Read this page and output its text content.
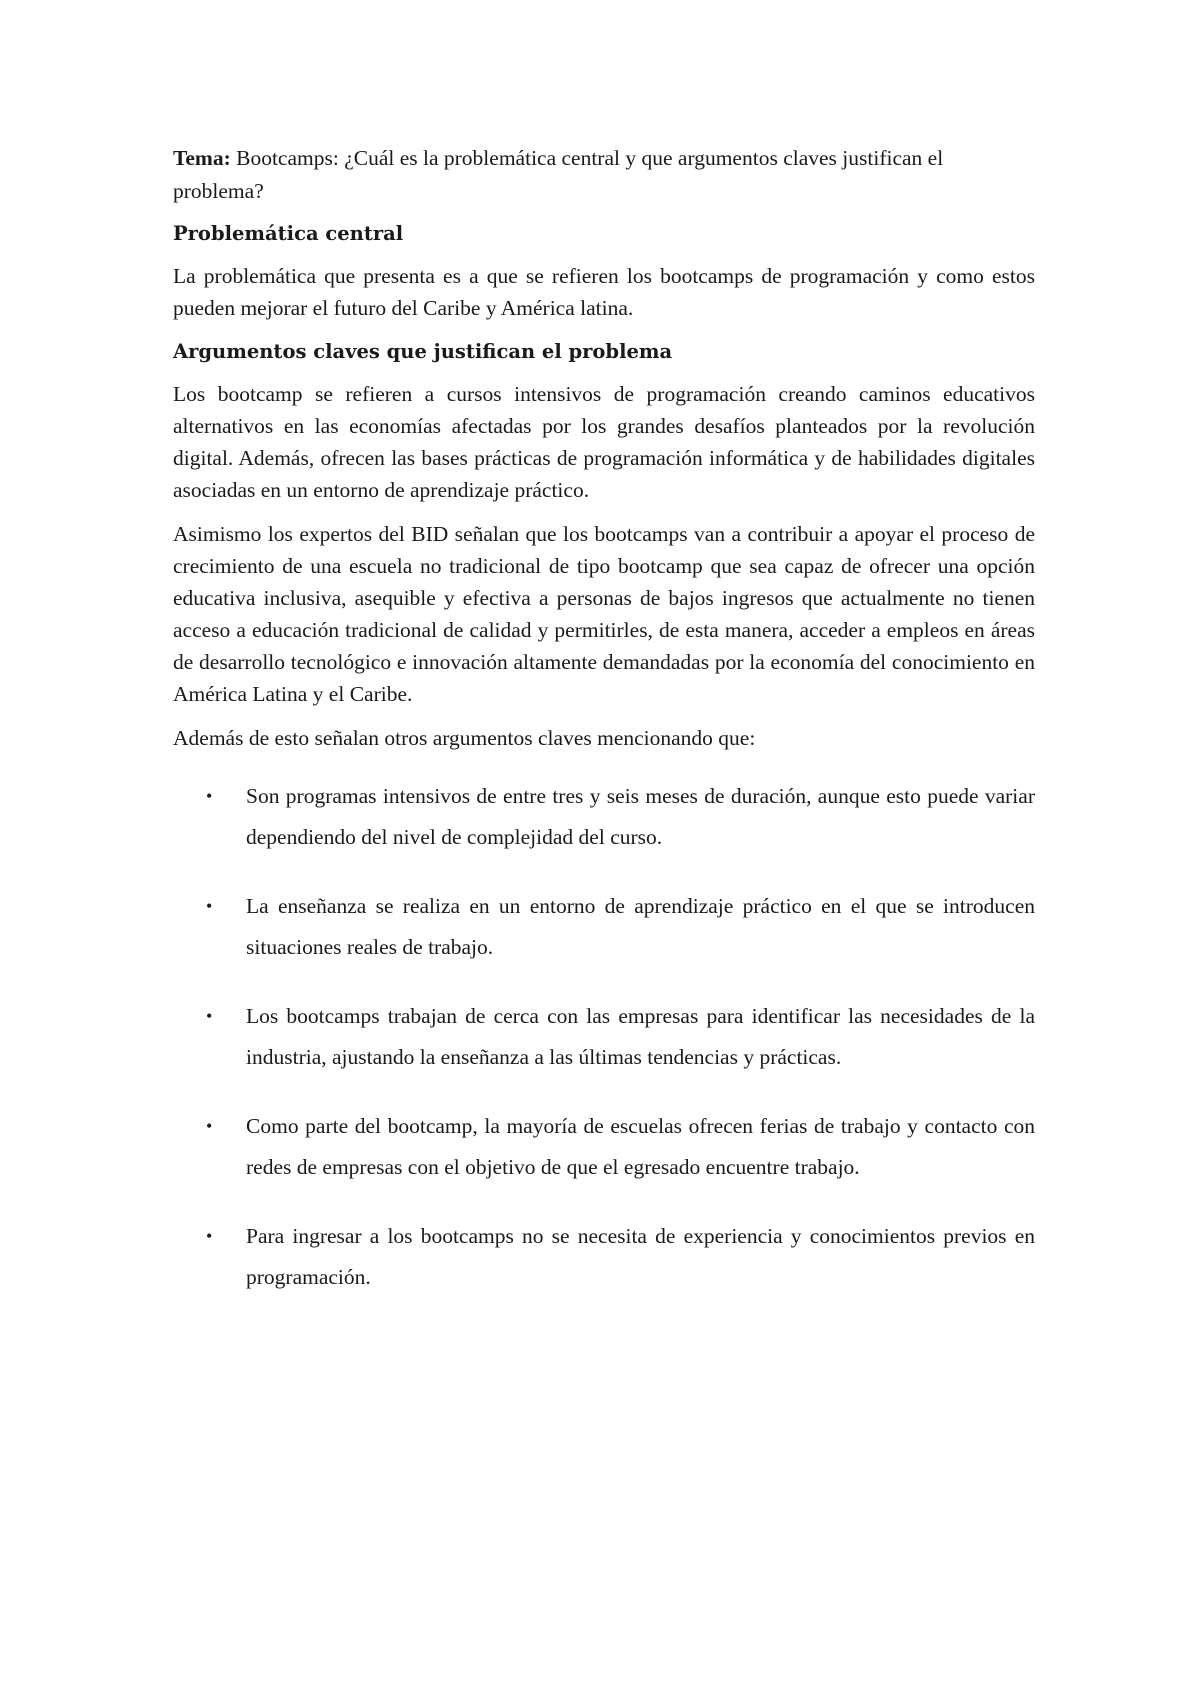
Tema: Bootcamps: ¿Cuál es la problemática central y que argumentos claves justifican el problema?
Problemática central

La problemática que presenta es a que se refieren los bootcamps de programación y como estos pueden mejorar el futuro del Caribe y América latina.

Argumentos claves que justifican el problema

Los bootcamp se refieren a cursos intensivos de programación creando caminos educativos alternativos en las economías afectadas por los grandes desafíos planteados por la revolución digital. Además, ofrecen las bases prácticas de programación informática y de habilidades digitales asociadas en un entorno de aprendizaje práctico.

Asimismo los expertos del BID señalan que los bootcamps van a contribuir a apoyar el proceso de crecimiento de una escuela no tradicional de tipo bootcamp que sea capaz de ofrecer una opción educativa inclusiva, asequible y efectiva a personas de bajos ingresos que actualmente no tienen acceso a educación tradicional de calidad y permitirles, de esta manera, acceder a empleos en áreas de desarrollo tecnológico e innovación altamente demandadas por la economía del conocimiento en América Latina y el Caribe.

Además de esto señalan otros argumentos claves mencionando que:

• Son programas intensivos de entre tres y seis meses de duración, aunque esto puede variar dependiendo del nivel de complejidad del curso.
• La enseñanza se realiza en un entorno de aprendizaje práctico en el que se introducen situaciones reales de trabajo.
• Los bootcamps trabajan de cerca con las empresas para identificar las necesidades de la industria, ajustando la enseñanza a las últimas tendencias y prácticas.
• Como parte del bootcamp, la mayoría de escuelas ofrecen ferias de trabajo y contacto con redes de empresas con el objetivo de que el egresado encuentre trabajo.
• Para ingresar a los bootcamps no se necesita de experiencia y conocimientos previos en programación.
